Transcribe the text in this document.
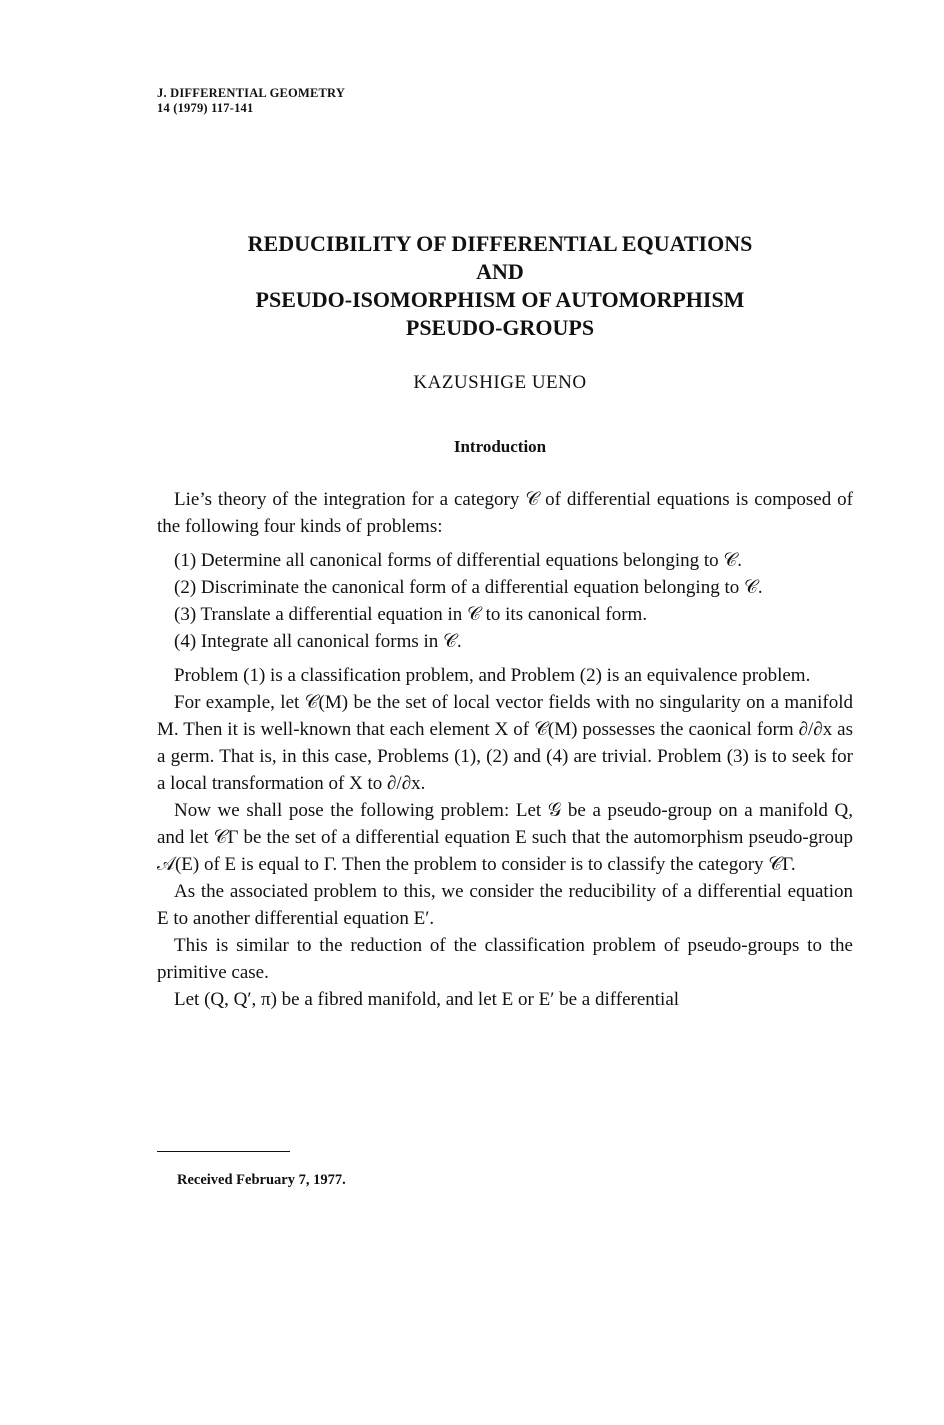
J. DIFFERENTIAL GEOMETRY
14 (1979) 117-141
REDUCIBILITY OF DIFFERENTIAL EQUATIONS
AND
PSEUDO-ISOMORPHISM OF AUTOMORPHISM
PSEUDO-GROUPS
KAZUSHIGE UENO
Introduction

Lie’s theory of the integration for a category 𝒞 of differential equations is composed of the following four kinds of problems:

(1) Determine all canonical forms of differential equations belonging to 𝒞.

(2) Discriminate the canonical form of a differential equation belonging to 𝒞.

(3) Translate a differential equation in 𝒞 to its canonical form.

(4) Integrate all canonical forms in 𝒞.

Problem (1) is a classification problem, and Problem (2) is an equivalence problem.

For example, let 𝒞(M) be the set of local vector fields with no singularity on a manifold M. Then it is well-known that each element X of 𝒞(M) possesses the caonical form ∂/∂x as a germ. That is, in this case, Problems (1), (2) and (4) are trivial. Problem (3) is to seek for a local transformation of X to ∂/∂x.

Now we shall pose the following problem: Let 𝒢 be a pseudo-group on a manifold Q, and let 𝒞Γ be the set of a differential equation E such that the automorphism pseudo-group 𝒜(E) of E is equal to Γ. Then the problem to consider is to classify the category 𝒞Γ.

As the associated problem to this, we consider the reducibility of a differential equation E to another differential equation E′.

This is similar to the reduction of the classification problem of pseudo-groups to the primitive case.

Let (Q, Q′, π) be a fibred manifold, and let E or E′ be a differential

Received February 7, 1977.
